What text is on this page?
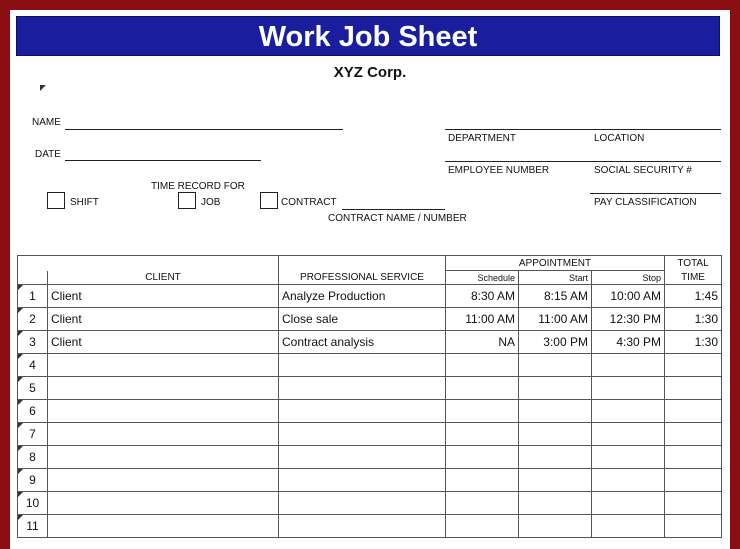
Work Job Sheet
XYZ Corp.
NAME
DATE
DEPARTMENT	LOCATION
EMPLOYEE NUMBER	SOCIAL SECURITY #
PAY CLASSIFICATION
TIME RECORD FOR
SHIFT	JOB	CONTRACT
CONTRACT NAME / NUMBER
			APPOINTMENT			TOTAL
	CLIENT	PROFESSIONAL SERVICE	Schedule	Start	Stop	TIME
1	Client	Analyze Production	8:30 AM	8:15 AM	10:00 AM	1:45
2	Client	Close sale	11:00 AM	11:00 AM	12:30 PM	1:30
3	Client	Contract analysis	NA	3:00 PM	4:30 PM	1:30
4						
5						
6						
7						
8						
9						
10						
11						
